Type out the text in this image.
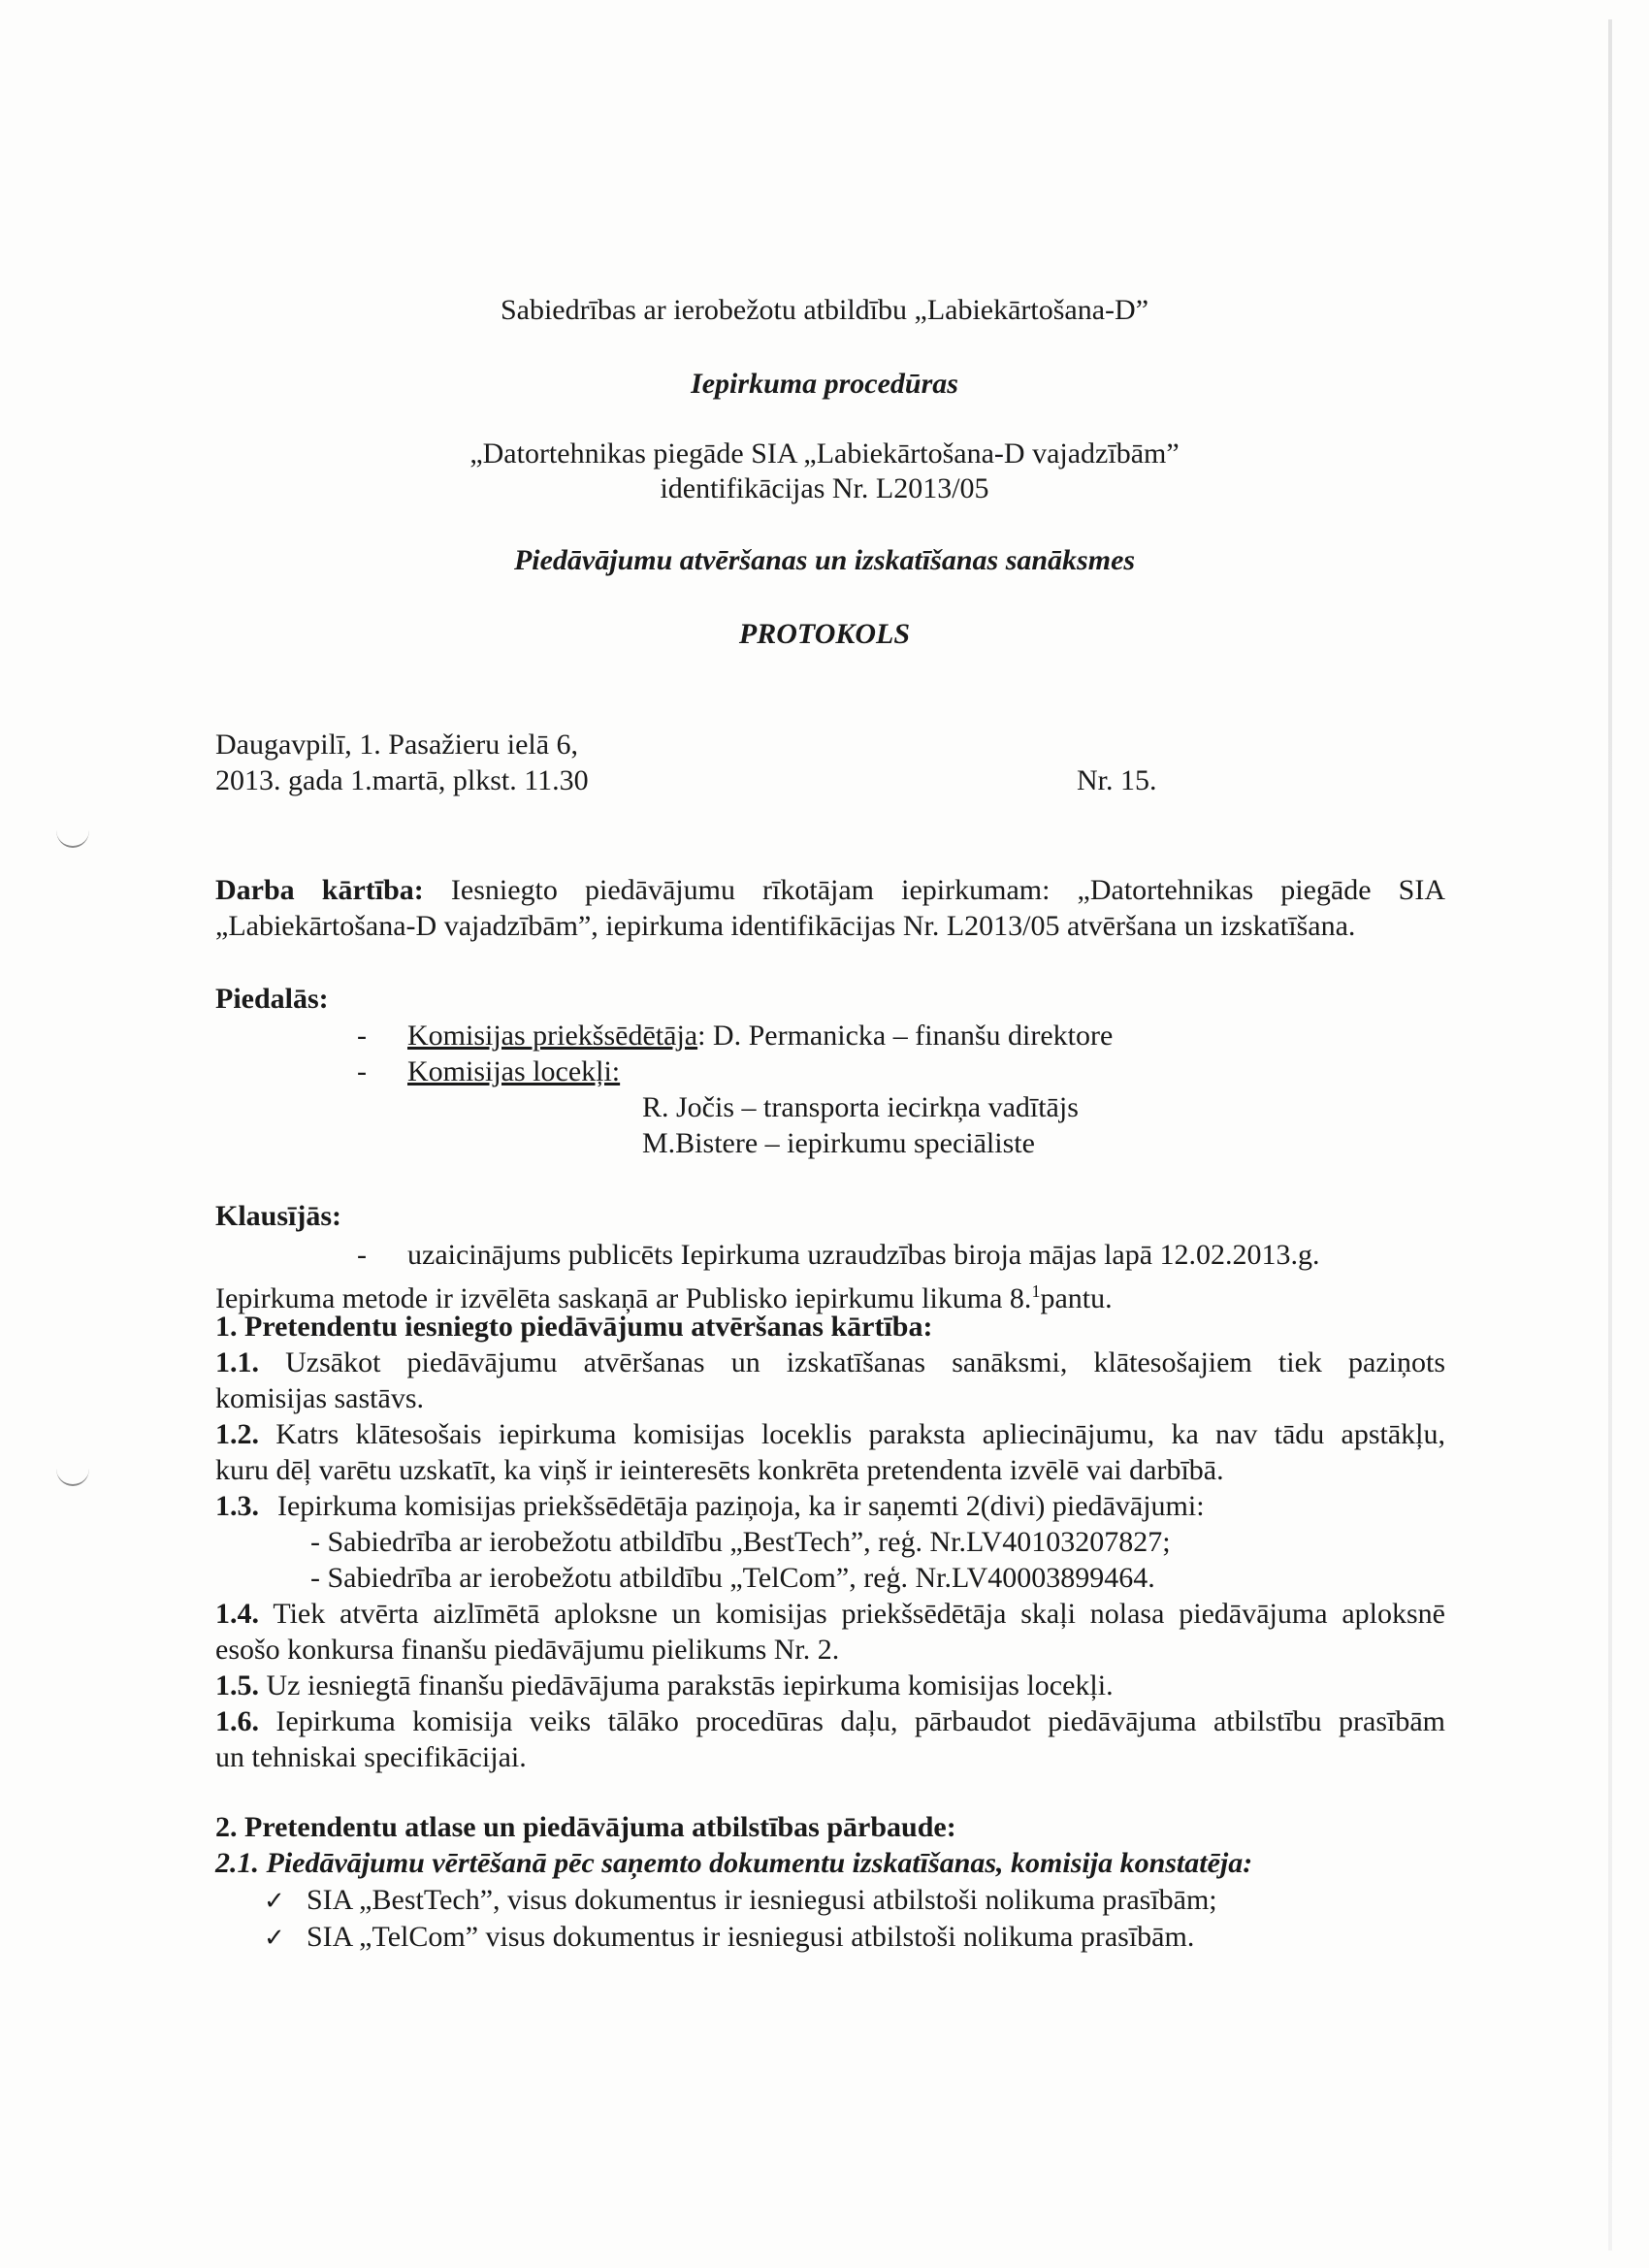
Sabiedrības ar ierobežotu atbildību „Labiekārtošana-D”
Iepirkuma procedūras
„Datortehnikas piegāde SIA „Labiekārtošana-D vajadzībām”
identifikācijas Nr. L2013/05
Piedāvājumu atvēršanas un izskatīšanas sanāksmes
PROTOKOLS
Daugavpilī, 1. Pasažieru ielā 6,
2013. gada 1.martā, plkst. 11.30	Nr. 15.
Darba kārtība: Iesniegto piedāvājumu rīkotājam iepirkumam: „Datortehnikas piegāde SIA
„Labiekārtošana-D vajadzībām”, iepirkuma identifikācijas Nr. L2013/05 atvēršana un izskatīšana.
Piedalās:
- Komisijas priekšsēdētāja: D. Permanicka – finanšu direktore
- Komisijas locekļi:
R. Jočis – transporta iecirkņa vadītājs
M.Bistere – iepirkumu speciāliste
Klausījās:
- uzaicinājums publicēts Iepirkuma uzraudzības biroja mājas lapā 12.02.2013.g.
Iepirkuma metode ir izvēlēta saskaņā ar Publisko iepirkumu likuma 8.$^1$pantu.
1. Pretendentu iesniegto piedāvājumu atvēršanas kārtība:
1.1. Uzsākot piedāvājumu atvēršanas un izskatīšanas sanāksmi, klātesošajiem tiek paziņots
komisijas sastāvs.
1.2. Katrs klātesošais iepirkuma komisijas loceklis paraksta apliecinājumu, ka nav tādu apstākļu,
kuru dēļ varētu uzskatīt, ka viņš ir ieinteresēts konkrēta pretendenta izvēlē vai darbībā.
1.3. Iepirkuma komisijas priekšsēdētāja paziņoja, ka ir saņemti 2(divi) piedāvājumi:
- Sabiedrība ar ierobežotu atbildību „BestTech”, reģ. Nr.LV40103207827;
- Sabiedrība ar ierobežotu atbildību „TelCom”, reģ. Nr.LV40003899464.
1.4. Tiek atvērta aizlīmētā aploksne un komisijas priekšsēdētāja skaļi nolasa piedāvājuma aploksnē
esošo konkursa finanšu piedāvājumu pielikums Nr. 2.
1.5. Uz iesniegtā finanšu piedāvājuma parakstās iepirkuma komisijas locekļi.
1.6. Iepirkuma komisija veiks tālāko procedūras daļu, pārbaudot piedāvājuma atbilstību prasībām
un tehniskai specifikācijai.
2. Pretendentu atlase un piedāvājuma atbilstības pārbaude:
2.1. Piedāvājumu vērtēšanā pēc saņemto dokumentu izskatīšanas, komisija konstatēja:
✓ SIA „BestTech”, visus dokumentus ir iesniegusi atbilstoši nolikuma prasībām;
✓ SIA „TelCom” visus dokumentus ir iesniegusi atbilstoši nolikuma prasībām.
